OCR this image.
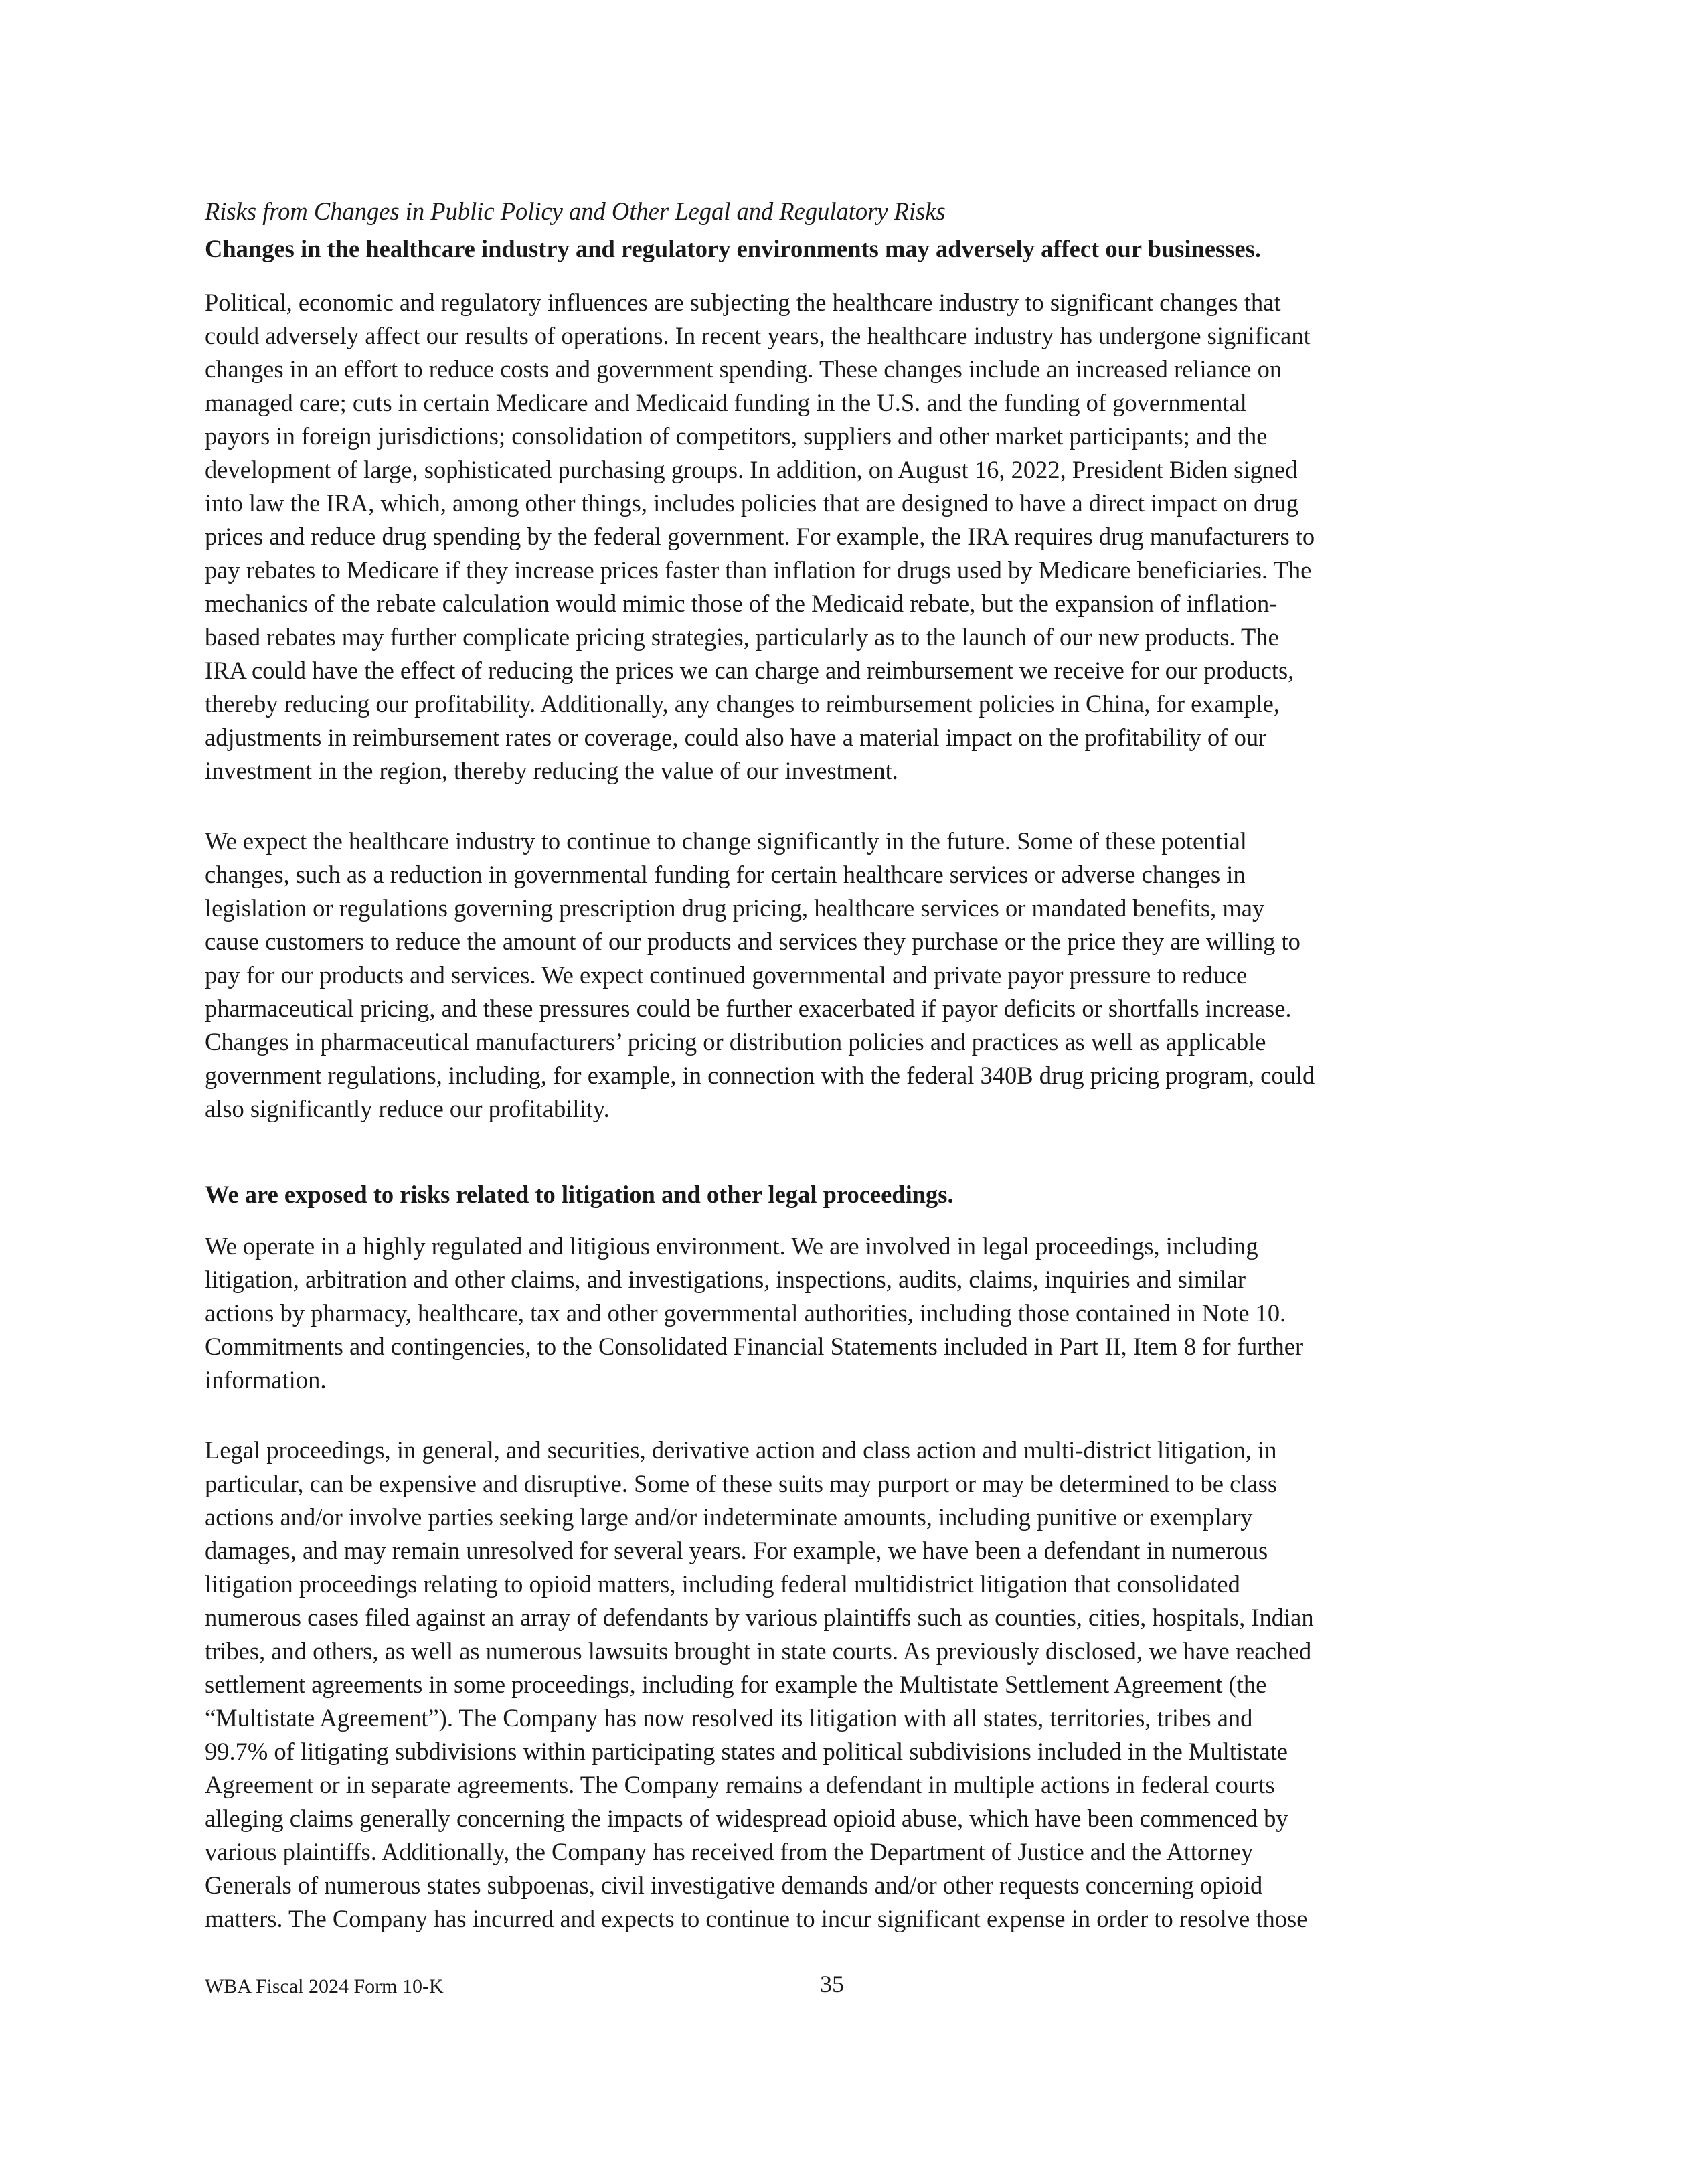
Risks from Changes in Public Policy and Other Legal and Regulatory Risks
Changes in the healthcare industry and regulatory environments may adversely affect our businesses.
Political, economic and regulatory influences are subjecting the healthcare industry to significant changes that
could adversely affect our results of operations. In recent years, the healthcare industry has undergone significant
changes in an effort to reduce costs and government spending. These changes include an increased reliance on
managed care; cuts in certain Medicare and Medicaid funding in the U.S. and the funding of governmental
payors in foreign jurisdictions; consolidation of competitors, suppliers and other market participants; and the
development of large, sophisticated purchasing groups. In addition, on August 16, 2022, President Biden signed
into law the IRA, which, among other things, includes policies that are designed to have a direct impact on drug
prices and reduce drug spending by the federal government. For example, the IRA requires drug manufacturers to
pay rebates to Medicare if they increase prices faster than inflation for drugs used by Medicare beneficiaries. The
mechanics of the rebate calculation would mimic those of the Medicaid rebate, but the expansion of inflation-
based rebates may further complicate pricing strategies, particularly as to the launch of our new products. The
IRA could have the effect of reducing the prices we can charge and reimbursement we receive for our products,
thereby reducing our profitability. Additionally, any changes to reimbursement policies in China, for example,
adjustments in reimbursement rates or coverage, could also have a material impact on the profitability of our
investment in the region, thereby reducing the value of our investment.
We expect the healthcare industry to continue to change significantly in the future. Some of these potential
changes, such as a reduction in governmental funding for certain healthcare services or adverse changes in
legislation or regulations governing prescription drug pricing, healthcare services or mandated benefits, may
cause customers to reduce the amount of our products and services they purchase or the price they are willing to
pay for our products and services. We expect continued governmental and private payor pressure to reduce
pharmaceutical pricing, and these pressures could be further exacerbated if payor deficits or shortfalls increase.
Changes in pharmaceutical manufacturers’ pricing or distribution policies and practices as well as applicable
government regulations, including, for example, in connection with the federal 340B drug pricing program, could
also significantly reduce our profitability.
We are exposed to risks related to litigation and other legal proceedings.
We operate in a highly regulated and litigious environment. We are involved in legal proceedings, including
litigation, arbitration and other claims, and investigations, inspections, audits, claims, inquiries and similar
actions by pharmacy, healthcare, tax and other governmental authorities, including those contained in Note 10.
Commitments and contingencies, to the Consolidated Financial Statements included in Part II, Item 8 for further
information.
Legal proceedings, in general, and securities, derivative action and class action and multi-district litigation, in
particular, can be expensive and disruptive. Some of these suits may purport or may be determined to be class
actions and/or involve parties seeking large and/or indeterminate amounts, including punitive or exemplary
damages, and may remain unresolved for several years. For example, we have been a defendant in numerous
litigation proceedings relating to opioid matters, including federal multidistrict litigation that consolidated
numerous cases filed against an array of defendants by various plaintiffs such as counties, cities, hospitals, Indian
tribes, and others, as well as numerous lawsuits brought in state courts. As previously disclosed, we have reached
settlement agreements in some proceedings, including for example the Multistate Settlement Agreement (the
“Multistate Agreement”). The Company has now resolved its litigation with all states, territories, tribes and
99.7% of litigating subdivisions within participating states and political subdivisions included in the Multistate
Agreement or in separate agreements. The Company remains a defendant in multiple actions in federal courts
alleging claims generally concerning the impacts of widespread opioid abuse, which have been commenced by
various plaintiffs. Additionally, the Company has received from the Department of Justice and the Attorney
Generals of numerous states subpoenas, civil investigative demands and/or other requests concerning opioid
matters. The Company has incurred and expects to continue to incur significant expense in order to resolve those
WBA Fiscal 2024 Form 10-K	35
